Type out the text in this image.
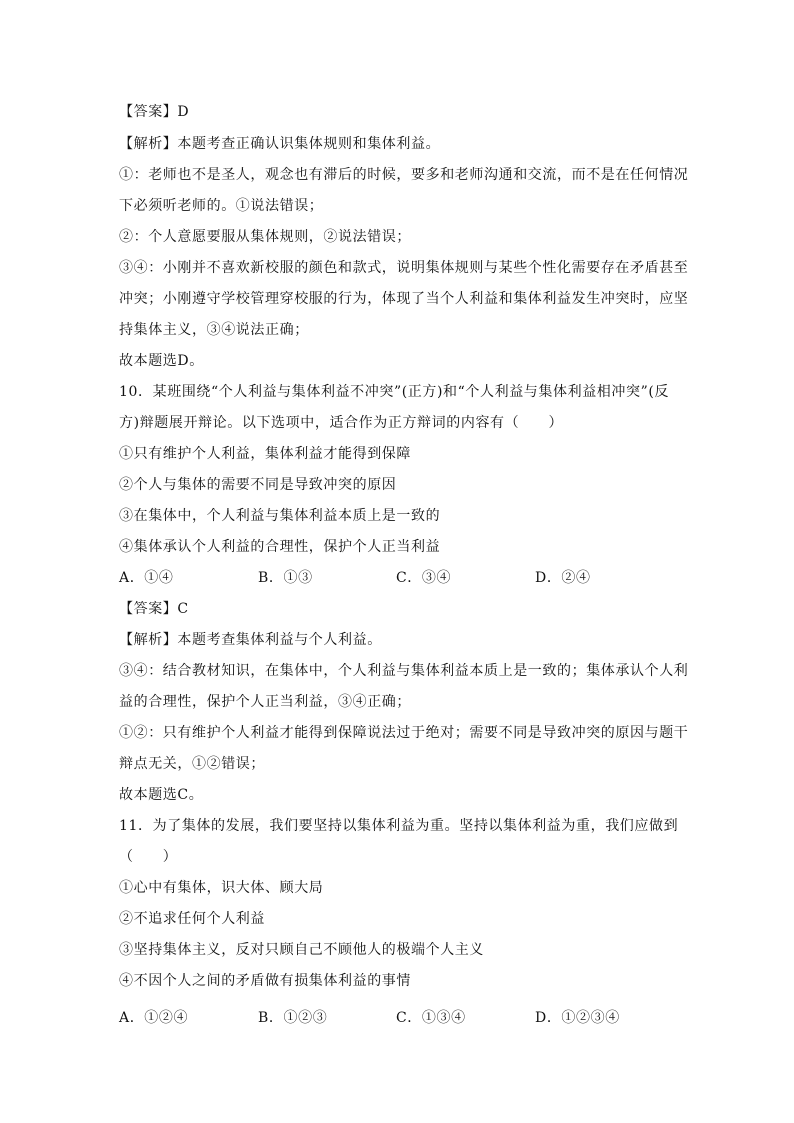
【答案】D
【解析】本题考查正确认识集体规则和集体利益。
①：老师也不是圣人，观念也有滞后的时候，要多和老师沟通和交流，而不是在任何情况
下必须听老师的。①说法错误；
②：个人意愿要服从集体规则，②说法错误；
③④：小刚并不喜欢新校服的颜色和款式，说明集体规则与某些个性化需要存在矛盾甚至
冲突；小刚遵守学校管理穿校服的行为，体现了当个人利益和集体利益发生冲突时，应坚
持集体主义，③④说法正确；
故本题选D。
10．某班围绕“个人利益与集体利益不冲突”(正方)和“个人利益与集体利益相冲突”(反
方)辩题展开辩论。以下选项中，适合作为正方辩词的内容有（　　）
①只有维护个人利益，集体利益才能得到保障
②个人与集体的需要不同是导致冲突的原因
③在集体中，个人利益与集体利益本质上是一致的
④集体承认个人利益的合理性，保护个人正当利益
A．①④	B．①③	C．③④	D．②④
【答案】C
【解析】本题考查集体利益与个人利益。
③④：结合教材知识，在集体中，个人利益与集体利益本质上是一致的；集体承认个人利
益的合理性，保护个人正当利益，③④正确；
①②：只有维护个人利益才能得到保障说法过于绝对；需要不同是导致冲突的原因与题干
辩点无关，①②错误；
故本题选C。
11．为了集体的发展，我们要坚持以集体利益为重。坚持以集体利益为重，我们应做到
（　　）
①心中有集体，识大体、顾大局
②不追求任何个人利益
③坚持集体主义，反对只顾自己不顾他人的极端个人主义
④不因个人之间的矛盾做有损集体利益的事情
A．①②④	B．①②③	C．①③④	D．①②③④
